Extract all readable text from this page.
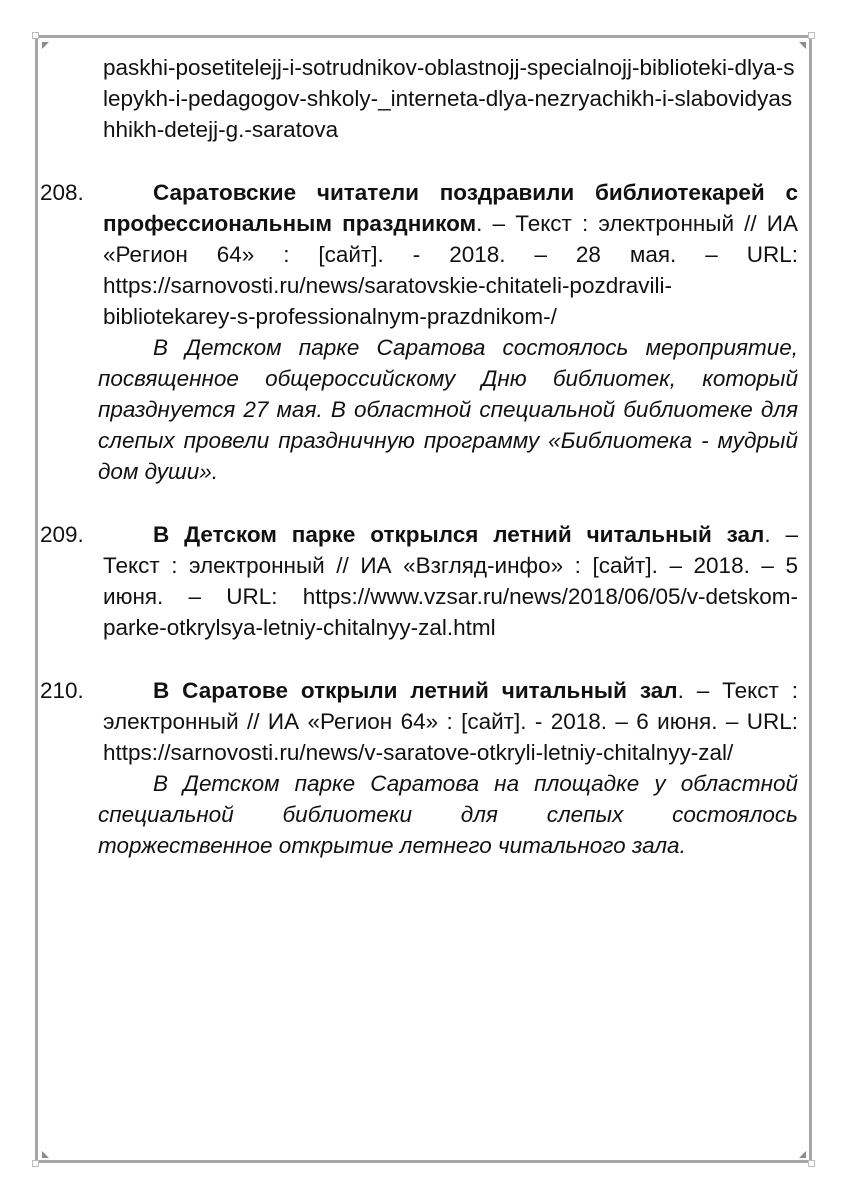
paskhi-posetitelejj-i-sotrudnikov-oblastnojj-specialnojj-biblioteki-dlya-slepykh-i-pedagogov-shkoly-_interneta-dlya-nezryachikh-i-slabovidyashhikh-detejj-g.-saratova
208.	Саратовские читатели поздравили библиотекарей с профессиональным праздником. – Текст : электронный // ИА «Регион 64» : [сайт]. - 2018. – 28 мая. – URL: https://sarnovosti.ru/news/saratovskie-chitateli-pozdravili-bibliotekarey-s-professionalnym-prazdnikom-/
В Детском парке Саратова состоялось мероприятие, посвященное общероссийскому Дню библиотек, который празднуется 27 мая. В областной специальной библиотеке для слепых провели праздничную программу «Библиотека - мудрый дом души».
209.	В Детском парке открылся летний читальный зал. – Текст : электронный // ИА «Взгляд-инфо» : [сайт]. – 2018. – 5 июня. – URL: https://www.vzsar.ru/news/2018/06/05/v-detskom-parke-otkrylsya-letniy-chitalnyy-zal.html
210.	В Саратове открыли летний читальный зал. – Текст : электронный // ИА «Регион 64» : [сайт]. - 2018. – 6 июня. – URL: https://sarnovosti.ru/news/v-saratove-otkryli-letniy-chitalnyy-zal/
В Детском парке Саратова на площадке у областной специальной библиотеки для слепых состоялось торжественное открытие летнего читального зала.
